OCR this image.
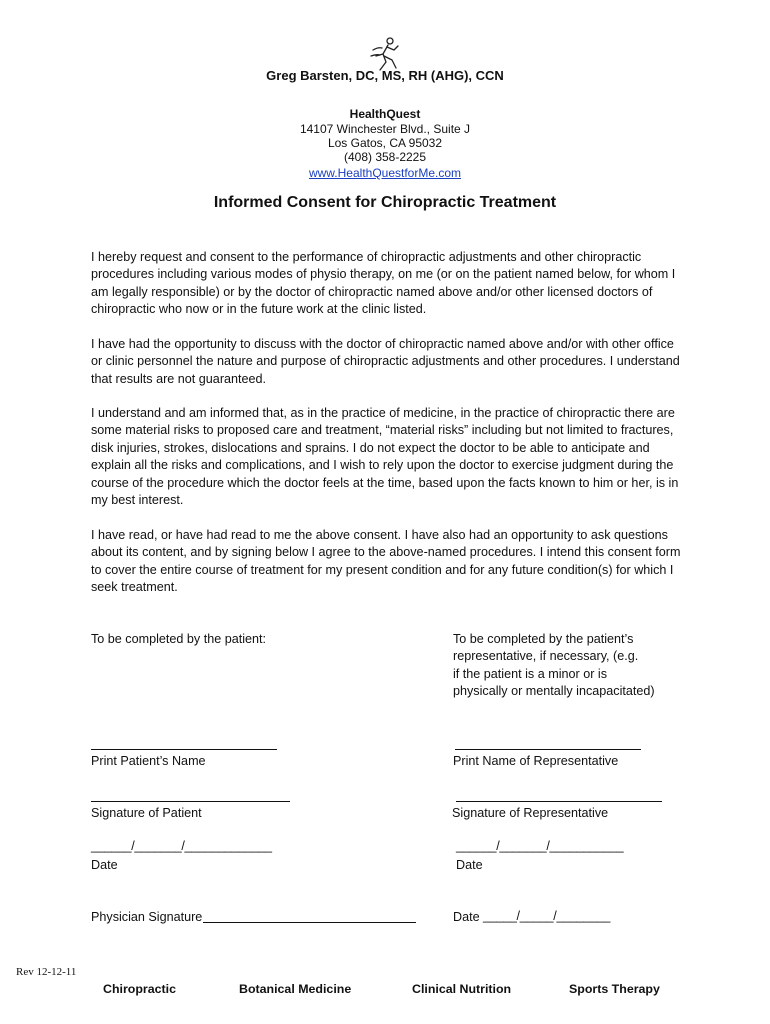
Greg Barsten, DC, MS, RH (AHG), CCN
HealthQuest
14107 Winchester Blvd., Suite J
Los Gatos, CA 95032
(408) 358-2225
www.HealthQuestforMe.com
Informed Consent for Chiropractic Treatment
I hereby request and consent to the performance of chiropractic adjustments and other chiropractic procedures including various modes of physio therapy, on me (or on the patient named below, for whom I am legally responsible) or by the doctor of chiropractic named above and/or other licensed doctors of chiropractic who now or in the future work at the clinic listed.
I have had the opportunity to discuss with the doctor of chiropractic named above and/or with other office or clinic personnel the nature and purpose of chiropractic adjustments and other procedures. I understand that results are not guaranteed.
I understand and am informed that, as in the practice of medicine, in the practice of chiropractic there are some material risks to proposed care and treatment, “material risks” including but not limited to fractures, disk injuries, strokes, dislocations and sprains. I do not expect the doctor to be able to anticipate and explain all the risks and complications, and I wish to rely upon the doctor to exercise judgment during the course of the procedure which the doctor feels at the time, based upon the facts known to him or her, is in my best interest.
I have read, or have had read to me the above consent. I have also had an opportunity to ask questions about its content, and by signing below I agree to the above-named procedures. I intend this consent form to cover the entire course of treatment for my present condition and for any future condition(s) for which I seek treatment.
To be completed by the patient:	To be completed by the patient’s
representative, if necessary, (e.g.
if the patient is a minor or is
physically or mentally incapacitated)
Print Patient’s Name	Print Name of Representative
Signature of Patient	Signature of Representative
______/_______/_____________	______/_______/___________
Date	Date
Physician Signature	Date _____/_____/________
Rev 12-12-11
Chiropractic	Botanical Medicine	Clinical Nutrition	Sports Therapy
